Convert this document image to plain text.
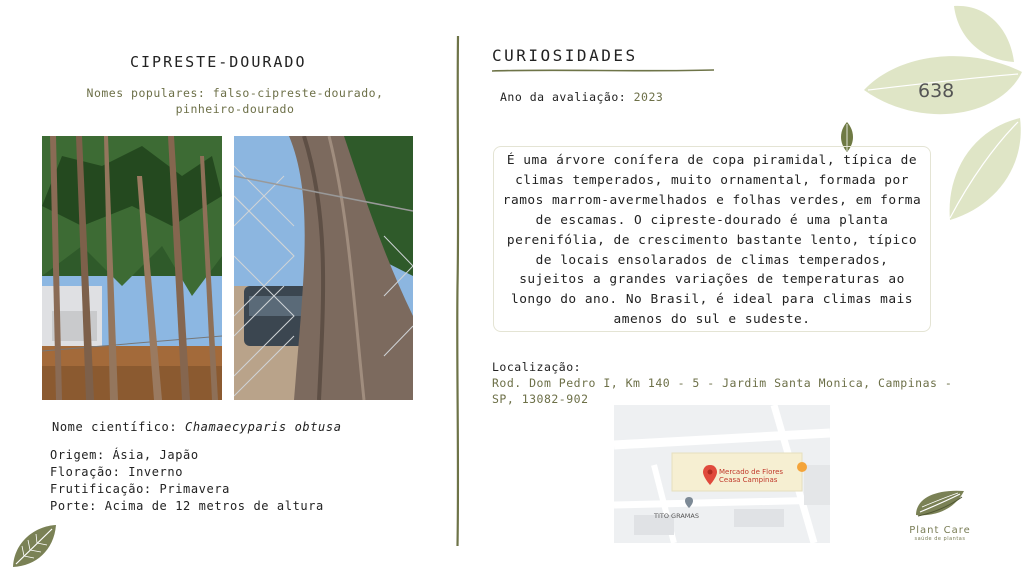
CIPRESTE-DOURADO
Nomes populares: falso-cipreste-dourado, pinheiro-dourado
Nome científico: Chamaecyparis obtusa
Origem: Ásia, Japão
Floração: Inverno
Frutificação: Primavera
Porte: Acima de 12 metros de altura
CURIOSIDADES
Ano da avaliação: 2023
É uma árvore conífera de copa piramidal, típica de climas temperados, muito ornamental, formada por ramos marrom-avermelhados e folhas verdes, em forma de escamas. O cipreste-dourado é uma planta perenifólia, de crescimento bastante lento, típico de locais ensolarados de climas temperados, sujeitos a grandes variações de temperaturas ao longo do ano. No Brasil, é ideal para climas mais amenos do sul e sudeste.
Localização:
Rod. Dom Pedro I, Km 140 - 5 - Jardim Santa Monica, Campinas - SP, 13082-902
Mercado de Flores
Ceasa Campinas
TITO GRAMAS
638
Plant Care
saúde de plantas
